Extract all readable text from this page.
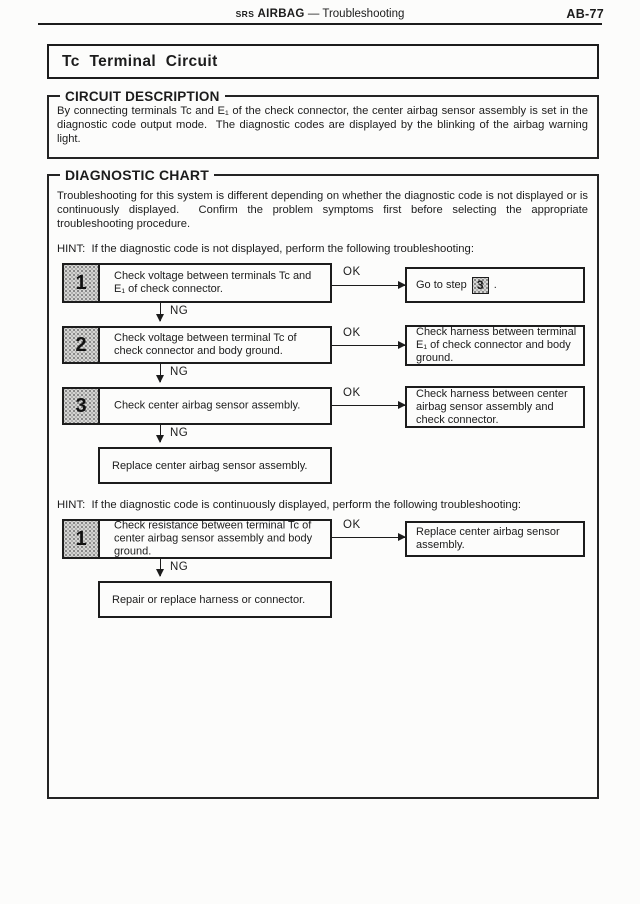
SRS AIRBAG — Troubleshooting	AB-77
Tc Terminal Circuit
CIRCUIT DESCRIPTION
By connecting terminals Tc and E₁ of the check connector, the center airbag sensor assembly is set in the diagnostic code output mode.  The diagnostic codes are displayed by the blinking of the airbag warning light.
DIAGNOSTIC CHART
Troubleshooting for this system is different depending on whether the diagnostic code is not displayed or is continuously displayed.  Confirm the problem symptoms first before selecting the appropriate troubleshooting procedure.
HINT:  If the diagnostic code is not displayed, perform the following troubleshooting:
1	Check voltage between terminals Tc and E₁ of check connector.
OK
Go to step 3 .
NG
2	Check voltage between terminal Tc of check connector and body ground.
OK	Check harness between terminal E₁ of check connector and body ground.
NG
3	Check center airbag sensor assembly.
OK	Check harness between center airbag sensor assembly and check connector.
NG
Replace center airbag sensor assembly.
HINT:  If the diagnostic code is continuously displayed, perform the following troubleshooting:
1
Check resistance between terminal Tc of center airbag sensor assembly and body ground.
OK
Replace center airbag sensor assembly.
NG
Repair or replace harness or connector.
